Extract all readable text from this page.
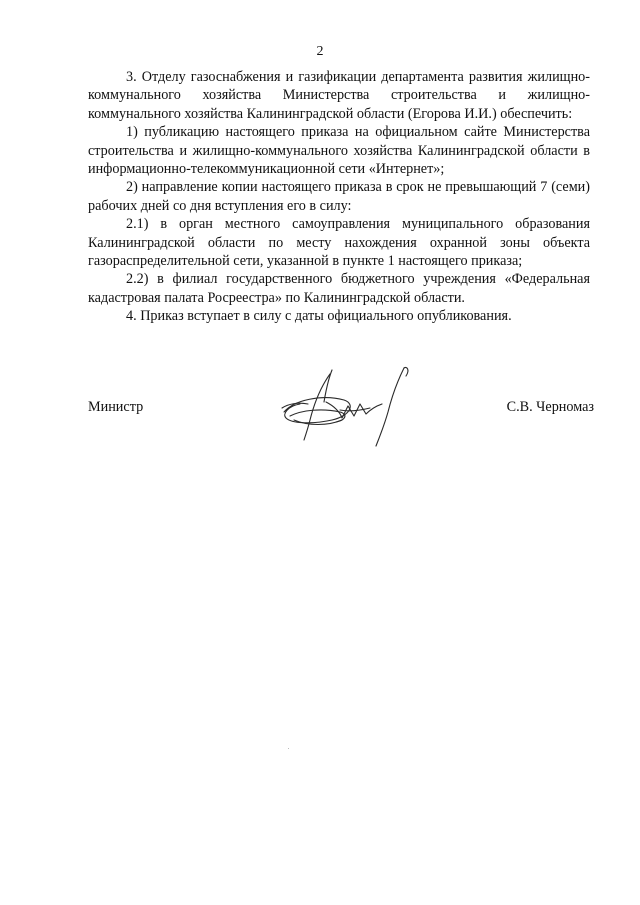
2

3. Отделу газоснабжения и газификации департамента развития жилищно-коммунального хозяйства Министерства строительства и жилищно-коммунального хозяйства Калининградской области (Егорова И.И.) обеспечить:

1) публикацию настоящего приказа на официальном сайте Министерства строительства и жилищно-коммунального хозяйства Калининградской области в информационно-телекоммуникационной сети «Интернет»;

2) направление копии настоящего приказа в срок не превышающий 7 (семи) рабочих дней со дня вступления его в силу:

2.1) в орган местного самоуправления муниципального образования Калининградской области по месту нахождения охранной зоны объекта газораспределительной сети, указанной в пункте 1 настоящего приказа;

2.2) в филиал государственного бюджетного учреждения «Федеральная кадастровая палата Росреестра» по Калининградской области.

4. Приказ вступает в силу с даты официального опубликования.

Министр	С.В. Черномаз
